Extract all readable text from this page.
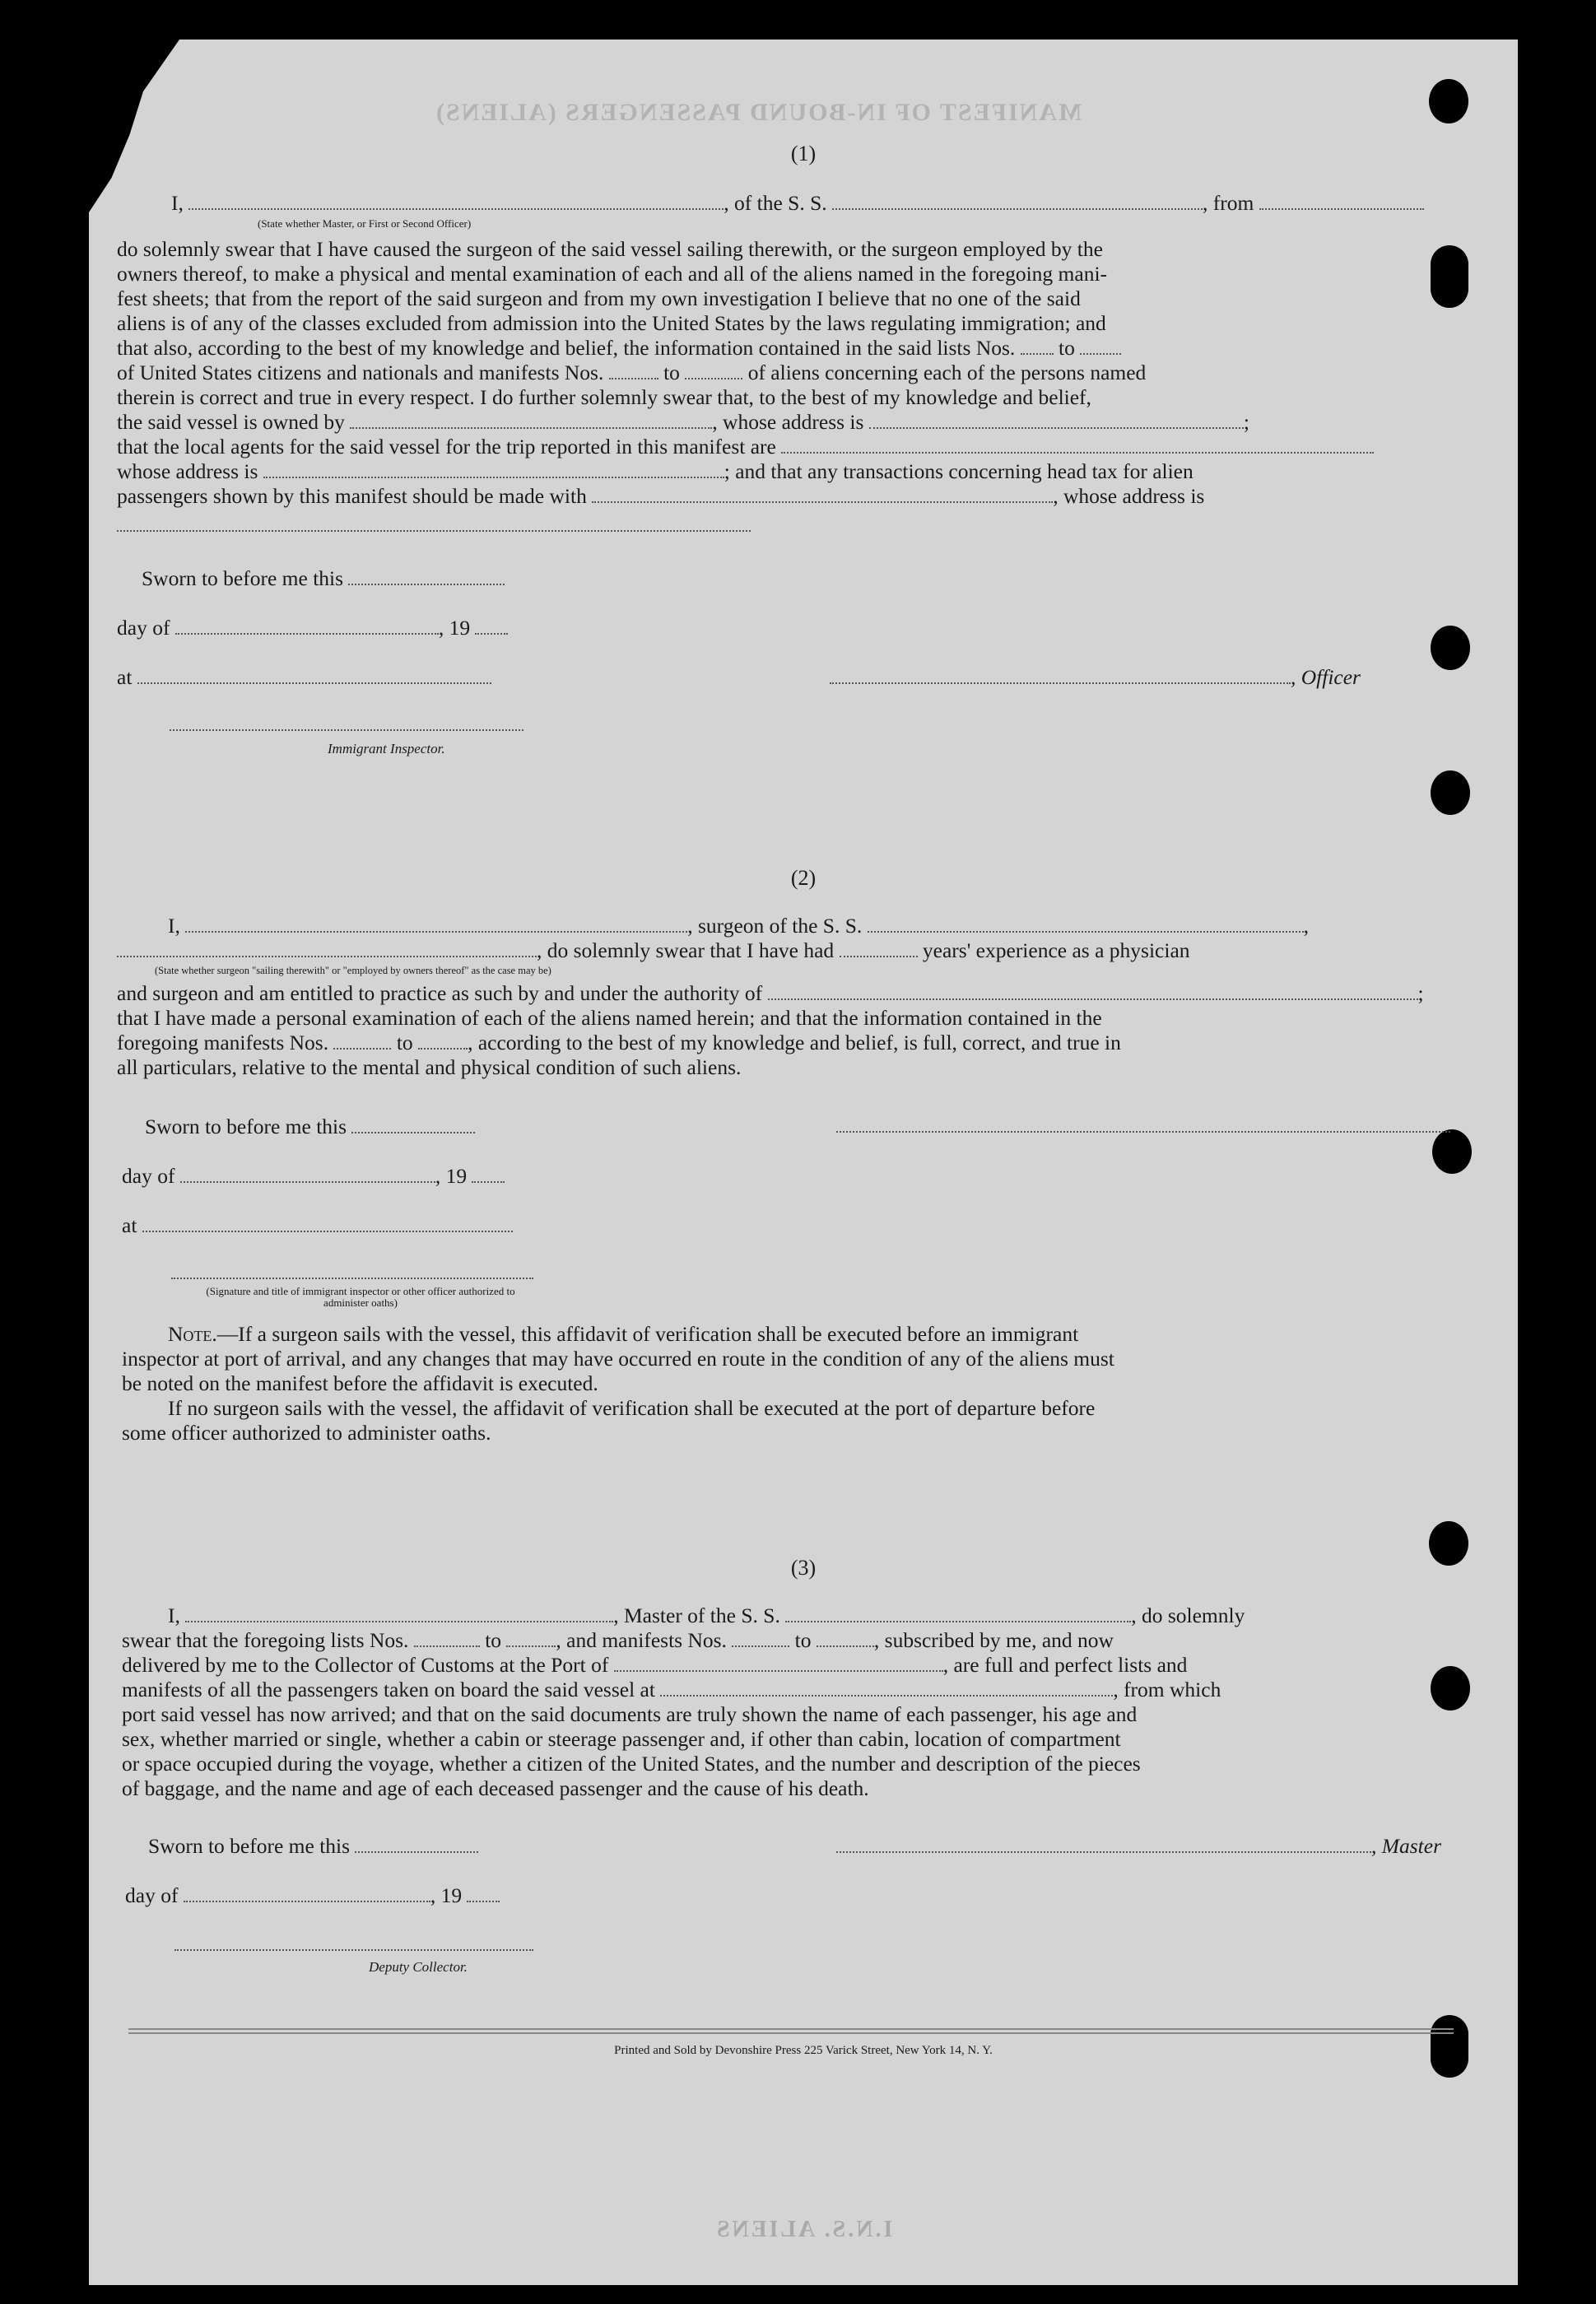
MANIFEST OF IN-BOUND PASSENGERS (ALIENS)
(1)
I,	, of the S. S.	, from
(State whether Master, or First or Second Officer)
do solemnly swear that I have caused the surgeon of the said vessel sailing therewith, or the surgeon employed by the
owners thereof, to make a physical and mental examination of each and all of the aliens named in the foregoing mani-
fest sheets; that from the report of the said surgeon and from my own investigation I believe that no one of the said
aliens is of any of the classes excluded from admission into the United States by the laws regulating immigration; and
that also, according to the best of my knowledge and belief, the information contained in the said lists Nos. to
of United States citizens and nationals and manifests Nos.	to	of aliens concerning each of the persons named
therein is correct and true in every respect. I do further solemnly swear that, to the best of my knowledge and belief,
the said vessel is owned by	, whose address is	;
that the local agents for the said vessel for the trip reported in this manifest are
whose address is	; and that any transactions concerning head tax for alien
passengers shown by this manifest should be made with	, whose address is
Sworn to before me this
day of	, 19
at	, Officer
Immigrant Inspector.
(2)
I,	, surgeon of the S. S.	,
, do solemnly swear that I have had	years' experience as a physician
(State whether surgeon "sailing therewith" or "employed by owners thereof" as the case may be)
and surgeon and am entitled to practice as such by and under the authority of	;
that I have made a personal examination of each of the aliens named herein; and that the information contained in the
foregoing manifests Nos.	to	, according to the best of my knowledge and belief, is full, correct, and true in
all particulars, relative to the mental and physical condition of such aliens.
Sworn to before me this
day of	, 19
at
(Signature and title of immigrant inspector or other officer authorized to administer oaths)
Note.—If a surgeon sails with the vessel, this affidavit of verification shall be executed before an immigrant
inspector at port of arrival, and any changes that may have occurred en route in the condition of any of the aliens must
be noted on the manifest before the affidavit is executed.
If no surgeon sails with the vessel, the affidavit of verification shall be executed at the port of departure before
some officer authorized to administer oaths.
(3)
I,	, Master of the S. S.	, do solemnly
swear that the foregoing lists Nos.	to	, and manifests Nos.	to	, subscribed by me, and now
delivered by me to the Collector of Customs at the Port of	, are full and perfect lists and
manifests of all the passengers taken on board the said vessel at	, from which
port said vessel has now arrived; and that on the said documents are truly shown the name of each passenger, his age and
sex, whether married or single, whether a cabin or steerage passenger and, if other than cabin, location of compartment
or space occupied during the voyage, whether a citizen of the United States, and the number and description of the pieces
of baggage, and the name and age of each deceased passenger and the cause of his death.
Sworn to before me this	, Master
day of	, 19
Deputy Collector.
Printed and Sold by Devonshire Press 225 Varick Street, New York 14, N. Y.
I.N.S. ALIENS
